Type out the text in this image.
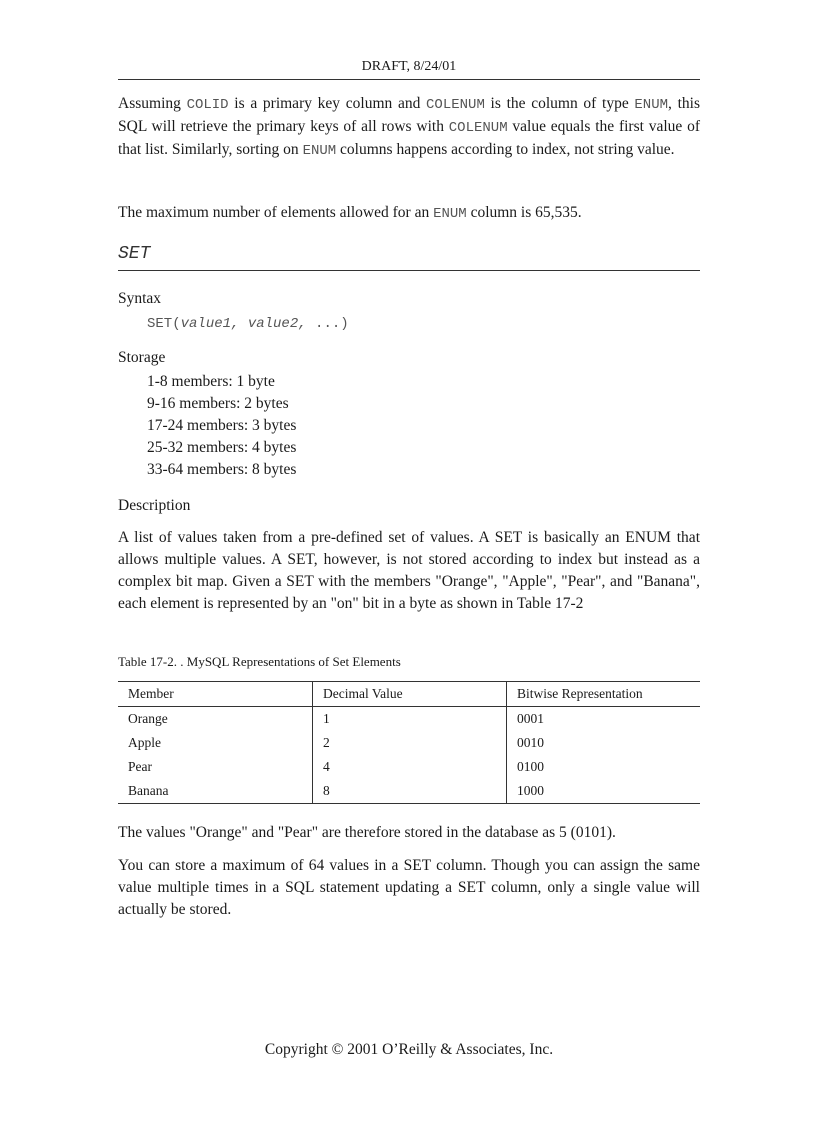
DRAFT, 8/24/01

Assuming COLID is a primary key column and COLENUM is the column of type ENUM, this SQL will retrieve the primary keys of all rows with COLENUM value equals the first value of that list. Similarly, sorting on ENUM columns happens according to index, not string value.

The maximum number of elements allowed for an ENUM column is 65,535.

SET
Syntax
SET(value1, value2, ...)
Storage
1-8 members: 1 byte
9-16 members: 2 bytes
17-24 members: 3 bytes
25-32 members: 4 bytes
33-64 members: 8 bytes
Description

A list of values taken from a pre-defined set of values. A SET is basically an ENUM that allows multiple values. A SET, however, is not stored according to index but instead as a complex bit map. Given a SET with the members "Orange", "Apple", "Pear", and "Banana", each element is represented by an "on" bit in a byte as shown in Table 17-2

Table 17-2. . MySQL Representations of Set Elements
Member	Decimal Value	Bitwise Representation
Orange	1	0001
Apple	2	0010
Pear	4	0100
Banana	8	1000

The values "Orange" and "Pear" are therefore stored in the database as 5 (0101).

You can store a maximum of 64 values in a SET column. Though you can assign the same value multiple times in a SQL statement updating a SET column, only a single value will actually be stored.

Copyright © 2001 O’Reilly & Associates, Inc.
